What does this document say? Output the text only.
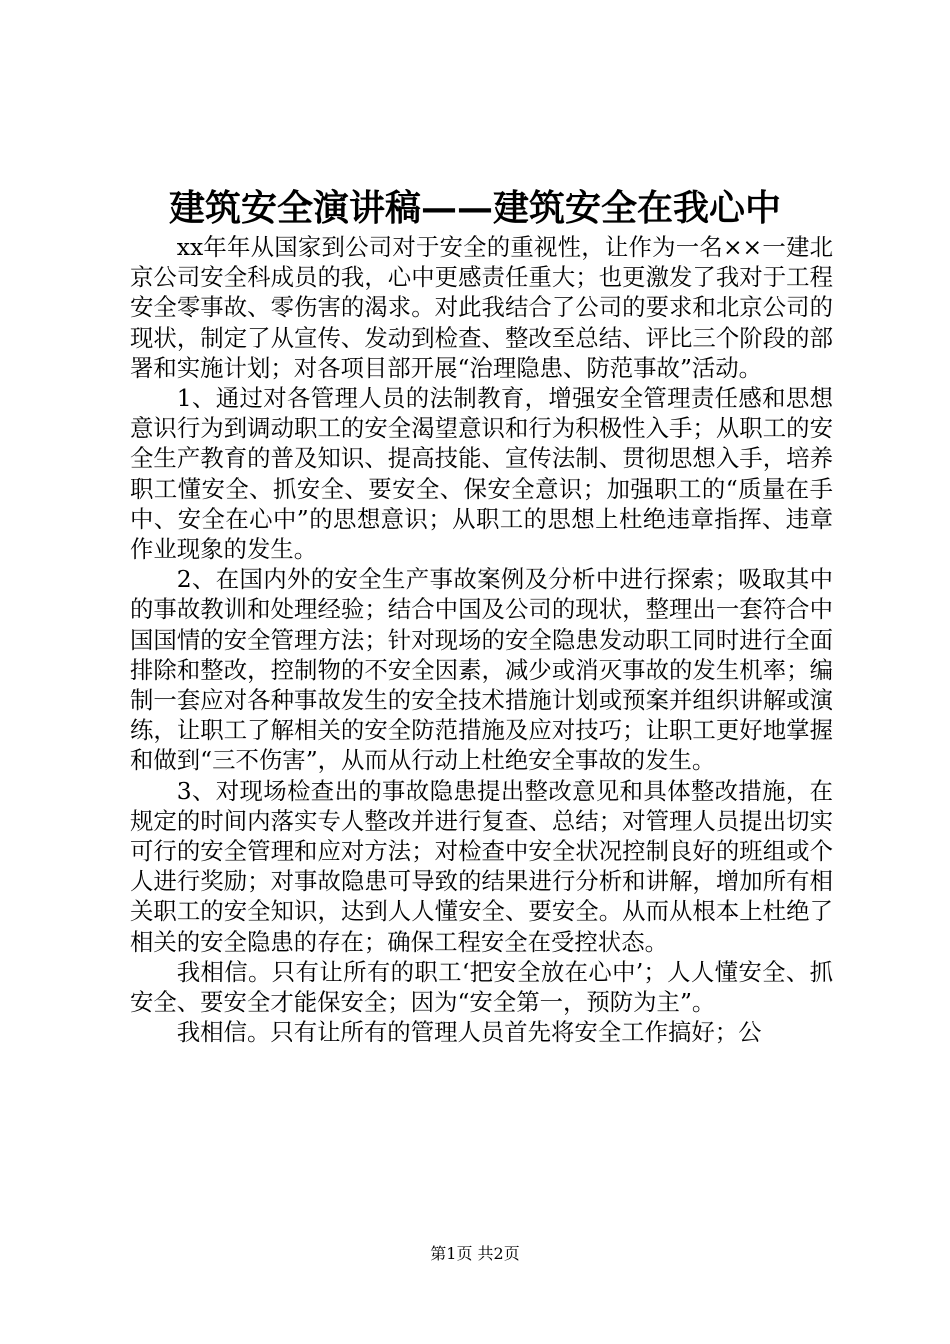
建筑安全演讲稿——建筑安全在我心中

xx年年从国家到公司对于安全的重视性，让作为一名××一建北京公司安全科成员的我，心中更感责任重大；也更激发了我对于工程安全零事故、零伤害的渴求。对此我结合了公司的要求和北京公司的现状，制定了从宣传、发动到检查、整改至总结、评比三个阶段的部署和实施计划；对各项目部开展“治理隐患、防范事故”活动。

1、通过对各管理人员的法制教育，增强安全管理责任感和思想意识行为到调动职工的安全渴望意识和行为积极性入手；从职工的安全生产教育的普及知识、提高技能、宣传法制、贯彻思想入手，培养职工懂安全、抓安全、要安全、保安全意识；加强职工的“质量在手中、安全在心中”的思想意识；从职工的思想上杜绝违章指挥、违章作业现象的发生。

2、在国内外的安全生产事故案例及分析中进行探索；吸取其中的事故教训和处理经验；结合中国及公司的现状，整理出一套符合中国国情的安全管理方法；针对现场的安全隐患发动职工同时进行全面排除和整改，控制物的不安全因素，减少或消灭事故的发生机率；编制一套应对各种事故发生的安全技术措施计划或预案并组织讲解或演练，让职工了解相关的安全防范措施及应对技巧；让职工更好地掌握和做到“三不伤害”，从而从行动上杜绝安全事故的发生。

3、对现场检查出的事故隐患提出整改意见和具体整改措施，在规定的时间内落实专人整改并进行复查、总结；对管理人员提出切实可行的安全管理和应对方法；对检查中安全状况控制良好的班组或个人进行奖励；对事故隐患可导致的结果进行分析和讲解，增加所有相关职工的安全知识，达到人人懂安全、要安全。从而从根本上杜绝了相关的安全隐患的存在；确保工程安全在受控状态。

我相信。只有让所有的职工‘把安全放在心中’；人人懂安全、抓安全、要安全才能保安全；因为“安全第一，预防为主”。

我相信。只有让所有的管理人员首先将安全工作搞好；公

第1页 共2页
